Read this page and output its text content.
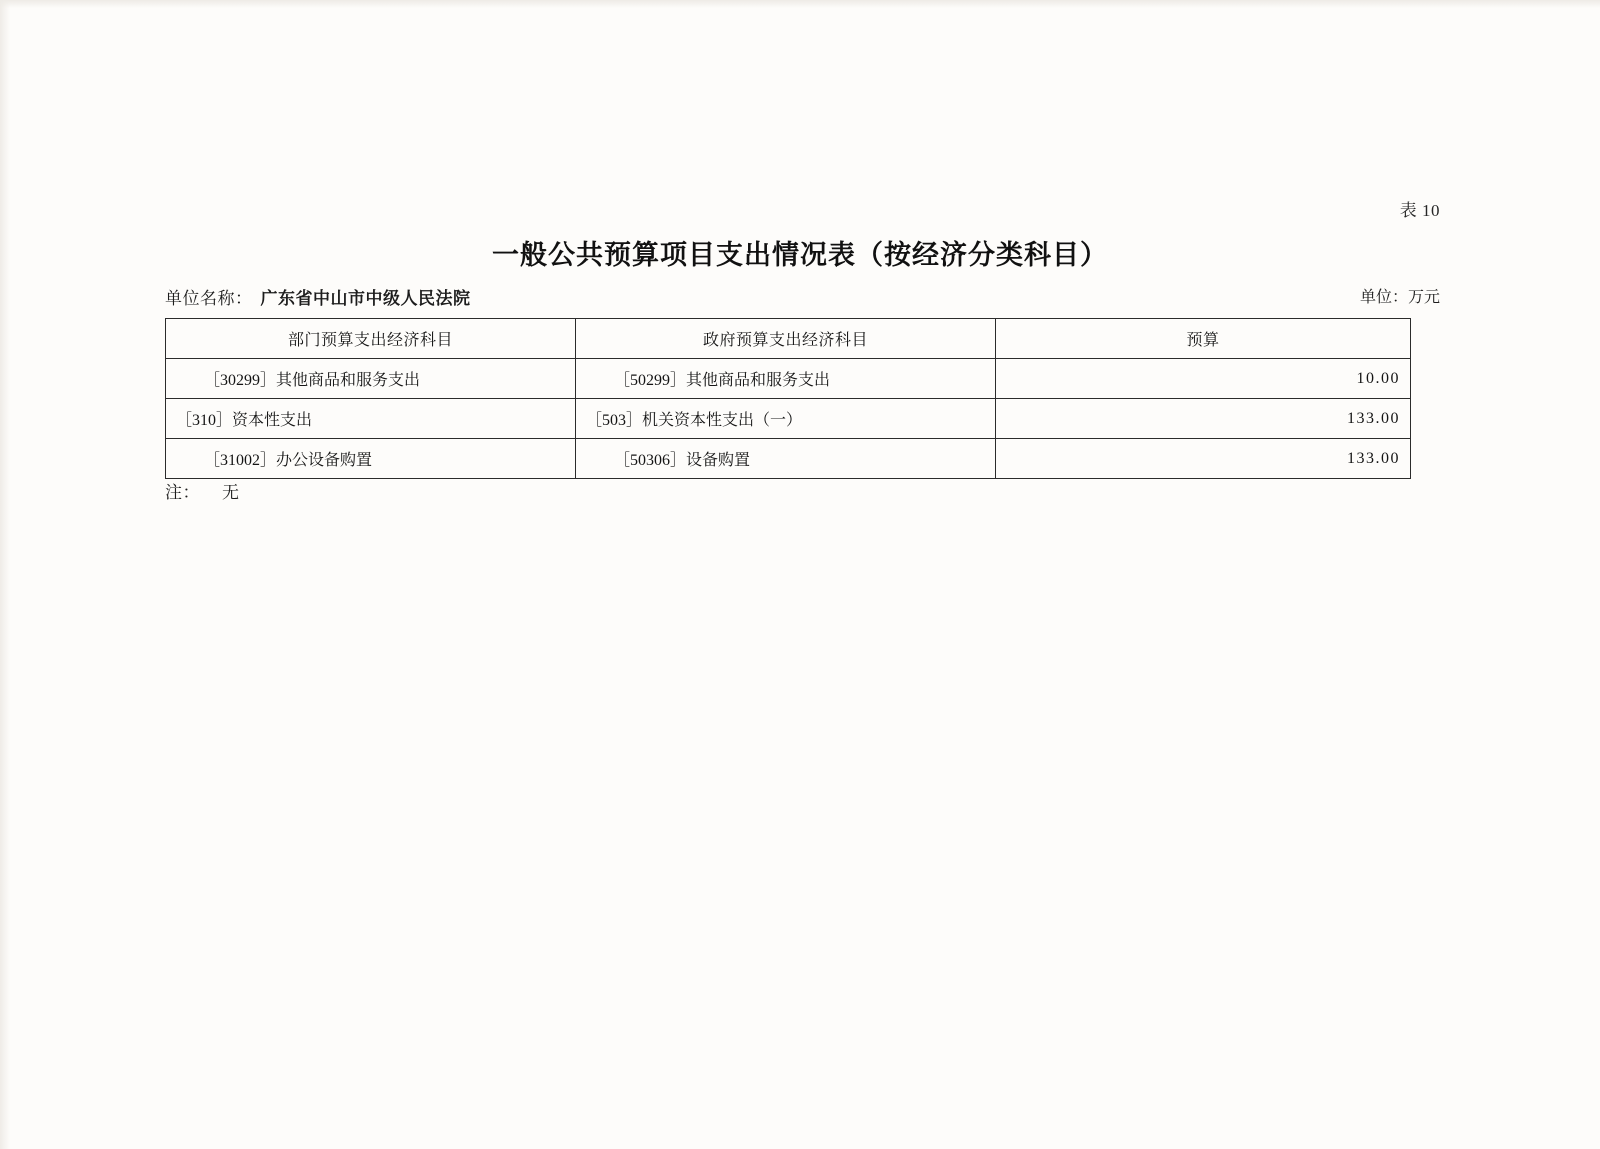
表 10
一般公共预算项目支出情况表（按经济分类科目）
单位名称： 广东省中山市中级人民法院	单位：万元
部门预算支出经济科目	政府预算支出经济科目	预算
［30299］其他商品和服务支出	［50299］其他商品和服务支出	10.00
［310］资本性支出	［503］机关资本性支出（一）	133.00
［31002］办公设备购置	［50306］设备购置	133.00
注： 无
